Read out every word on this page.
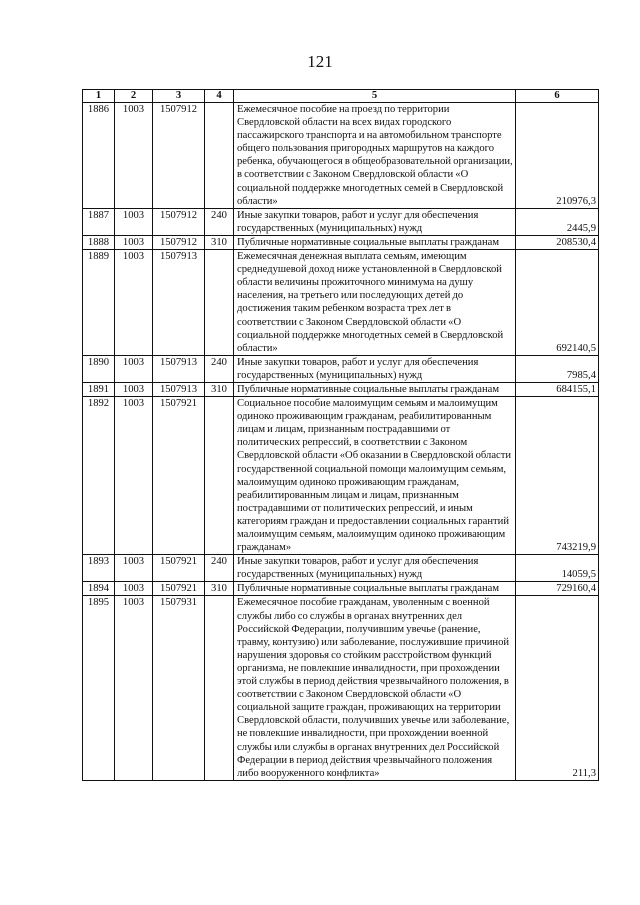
121
1	2	3	4	5	6
1886	1003	1507912		Ежемесячное пособие на проезд по территории Свердловской области на всех видах городского пассажирского транспорта и на автомобильном транспорте общего пользования пригородных маршрутов на каждого ребенка, обучающегося в общеобразовательной организации, в соответствии с Законом Свердловской области «О социальной поддержке многодетных семей в Свердловской области»	210976,3
1887	1003	1507912	240	Иные закупки товаров, работ и услуг для обеспечения государственных (муниципальных) нужд	2445,9
1888	1003	1507912	310	Публичные нормативные социальные выплаты гражданам	208530,4
1889	1003	1507913		Ежемесячная денежная выплата семьям, имеющим среднедушевой доход ниже установленной в Свердловской области величины прожиточного минимума на душу населения, на третьего или последующих детей до достижения таким ребенком возраста трех лет в соответствии с Законом Свердловской области «О социальной поддержке многодетных семей в Свердловской области»	692140,5
1890	1003	1507913	240	Иные закупки товаров, работ и услуг для обеспечения государственных (муниципальных) нужд	7985,4
1891	1003	1507913	310	Публичные нормативные социальные выплаты гражданам	684155,1
1892	1003	1507921		Социальное пособие малоимущим семьям и малоимущим одиноко проживающим гражданам, реабилитированным лицам и лицам, признанным пострадавшими от политических репрессий, в соответствии с Законом Свердловской области «Об оказании в Свердловской области государственной социальной помощи малоимущим семьям, малоимущим одиноко проживающим гражданам, реабилитированным лицам и лицам, признанным пострадавшими от политических репрессий, и иным категориям граждан и предоставлении социальных гарантий малоимущим семьям, малоимущим одиноко проживающим гражданам»	743219,9
1893	1003	1507921	240	Иные закупки товаров, работ и услуг для обеспечения государственных (муниципальных) нужд	14059,5
1894	1003	1507921	310	Публичные нормативные социальные выплаты гражданам	729160,4
1895	1003	1507931		Ежемесячное пособие гражданам, уволенным с военной службы либо со службы в органах внутренних дел Российской Федерации, получившим увечье (ранение, травму, контузию) или заболевание, послужившие причиной нарушения здоровья со стойким расстройством функций организма, не повлекшие инвалидности, при прохождении этой службы в период действия чрезвычайного положения, в соответствии с Законом Свердловской области «О социальной защите граждан, проживающих на территории Свердловской области, получивших увечье или заболевание, не повлекшие инвалидности, при прохождении военной службы или службы в органах внутренних дел Российской Федерации в период действия чрезвычайного положения либо вооруженного конфликта»	211,3
